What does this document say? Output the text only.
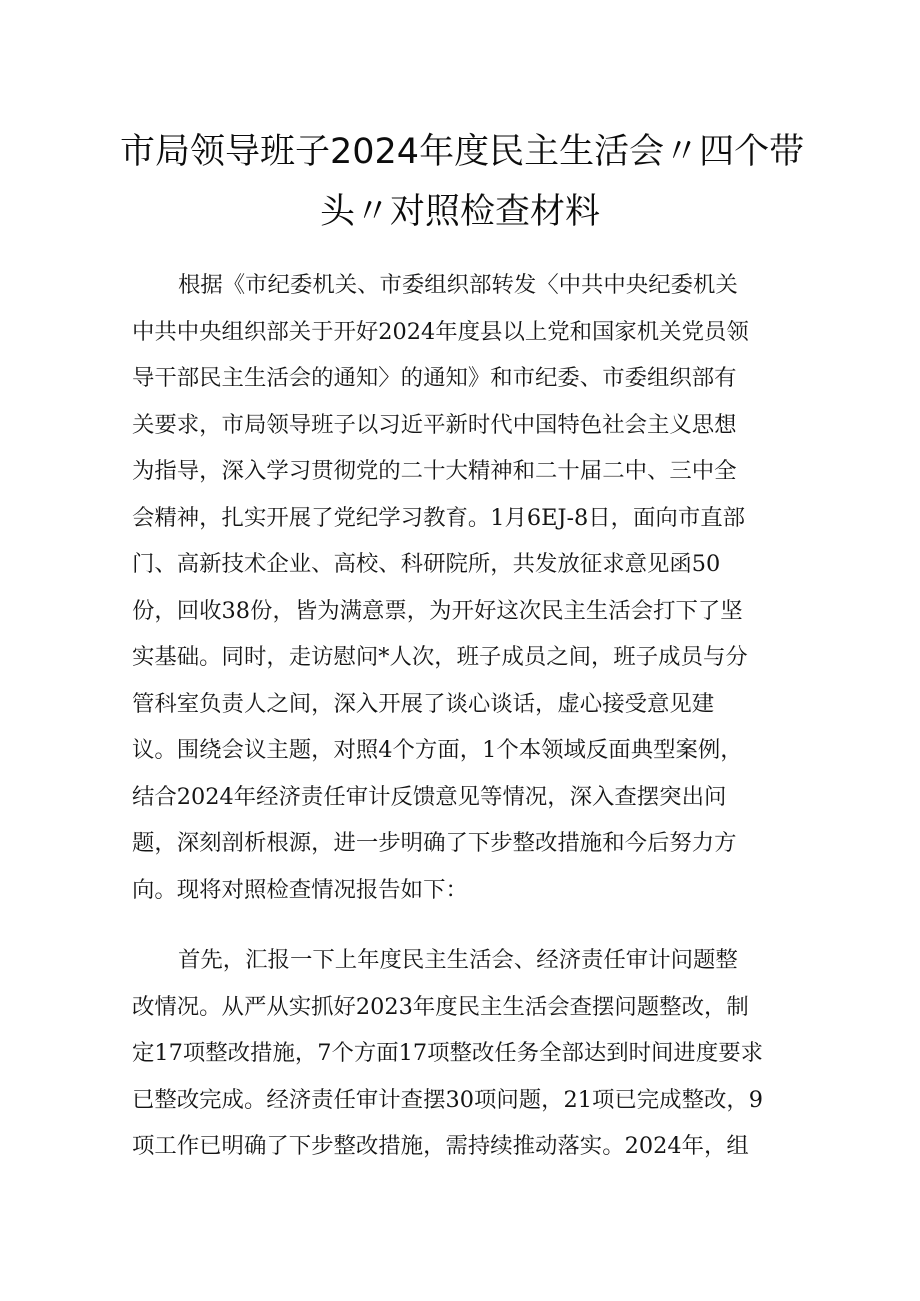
市局领导班子2024年度民主生活会〃四个带
头〃对照检查材料

根据《市纪委机关、市委组织部转发〈中共中央纪委机关
中共中央组织部关于开好2024年度县以上党和国家机关党员领
导干部民主生活会的通知〉的通知》和市纪委、市委组织部有
关要求，市局领导班子以习近平新时代中国特色社会主义思想
为指导，深入学习贯彻党的二十大精神和二十届二中、三中全
会精神，扎实开展了党纪学习教育。1月6EJ-8日，面向市直部
门、高新技术企业、高校、科研院所，共发放征求意见函50
份，回收38份，皆为满意票，为开好这次民主生活会打下了坚
实基础。同时，走访慰问*人次，班子成员之间，班子成员与分
管科室负责人之间，深入开展了谈心谈话，虚心接受意见建
议。围绕会议主题，对照4个方面，1个本领域反面典型案例，
结合2024年经济责任审计反馈意见等情况，深入查摆突出问
题，深刻剖析根源，进一步明确了下步整改措施和今后努力方
向。现将对照检查情况报告如下：

首先，汇报一下上年度民主生活会、经济责任审计问题整
改情况。从严从实抓好2023年度民主生活会查摆问题整改，制
定17项整改措施，7个方面17项整改任务全部达到时间进度要求
已整改完成。经济责任审计查摆30项问题，21项已完成整改，9
项工作已明确了下步整改措施，需持续推动落实。2024年，组
